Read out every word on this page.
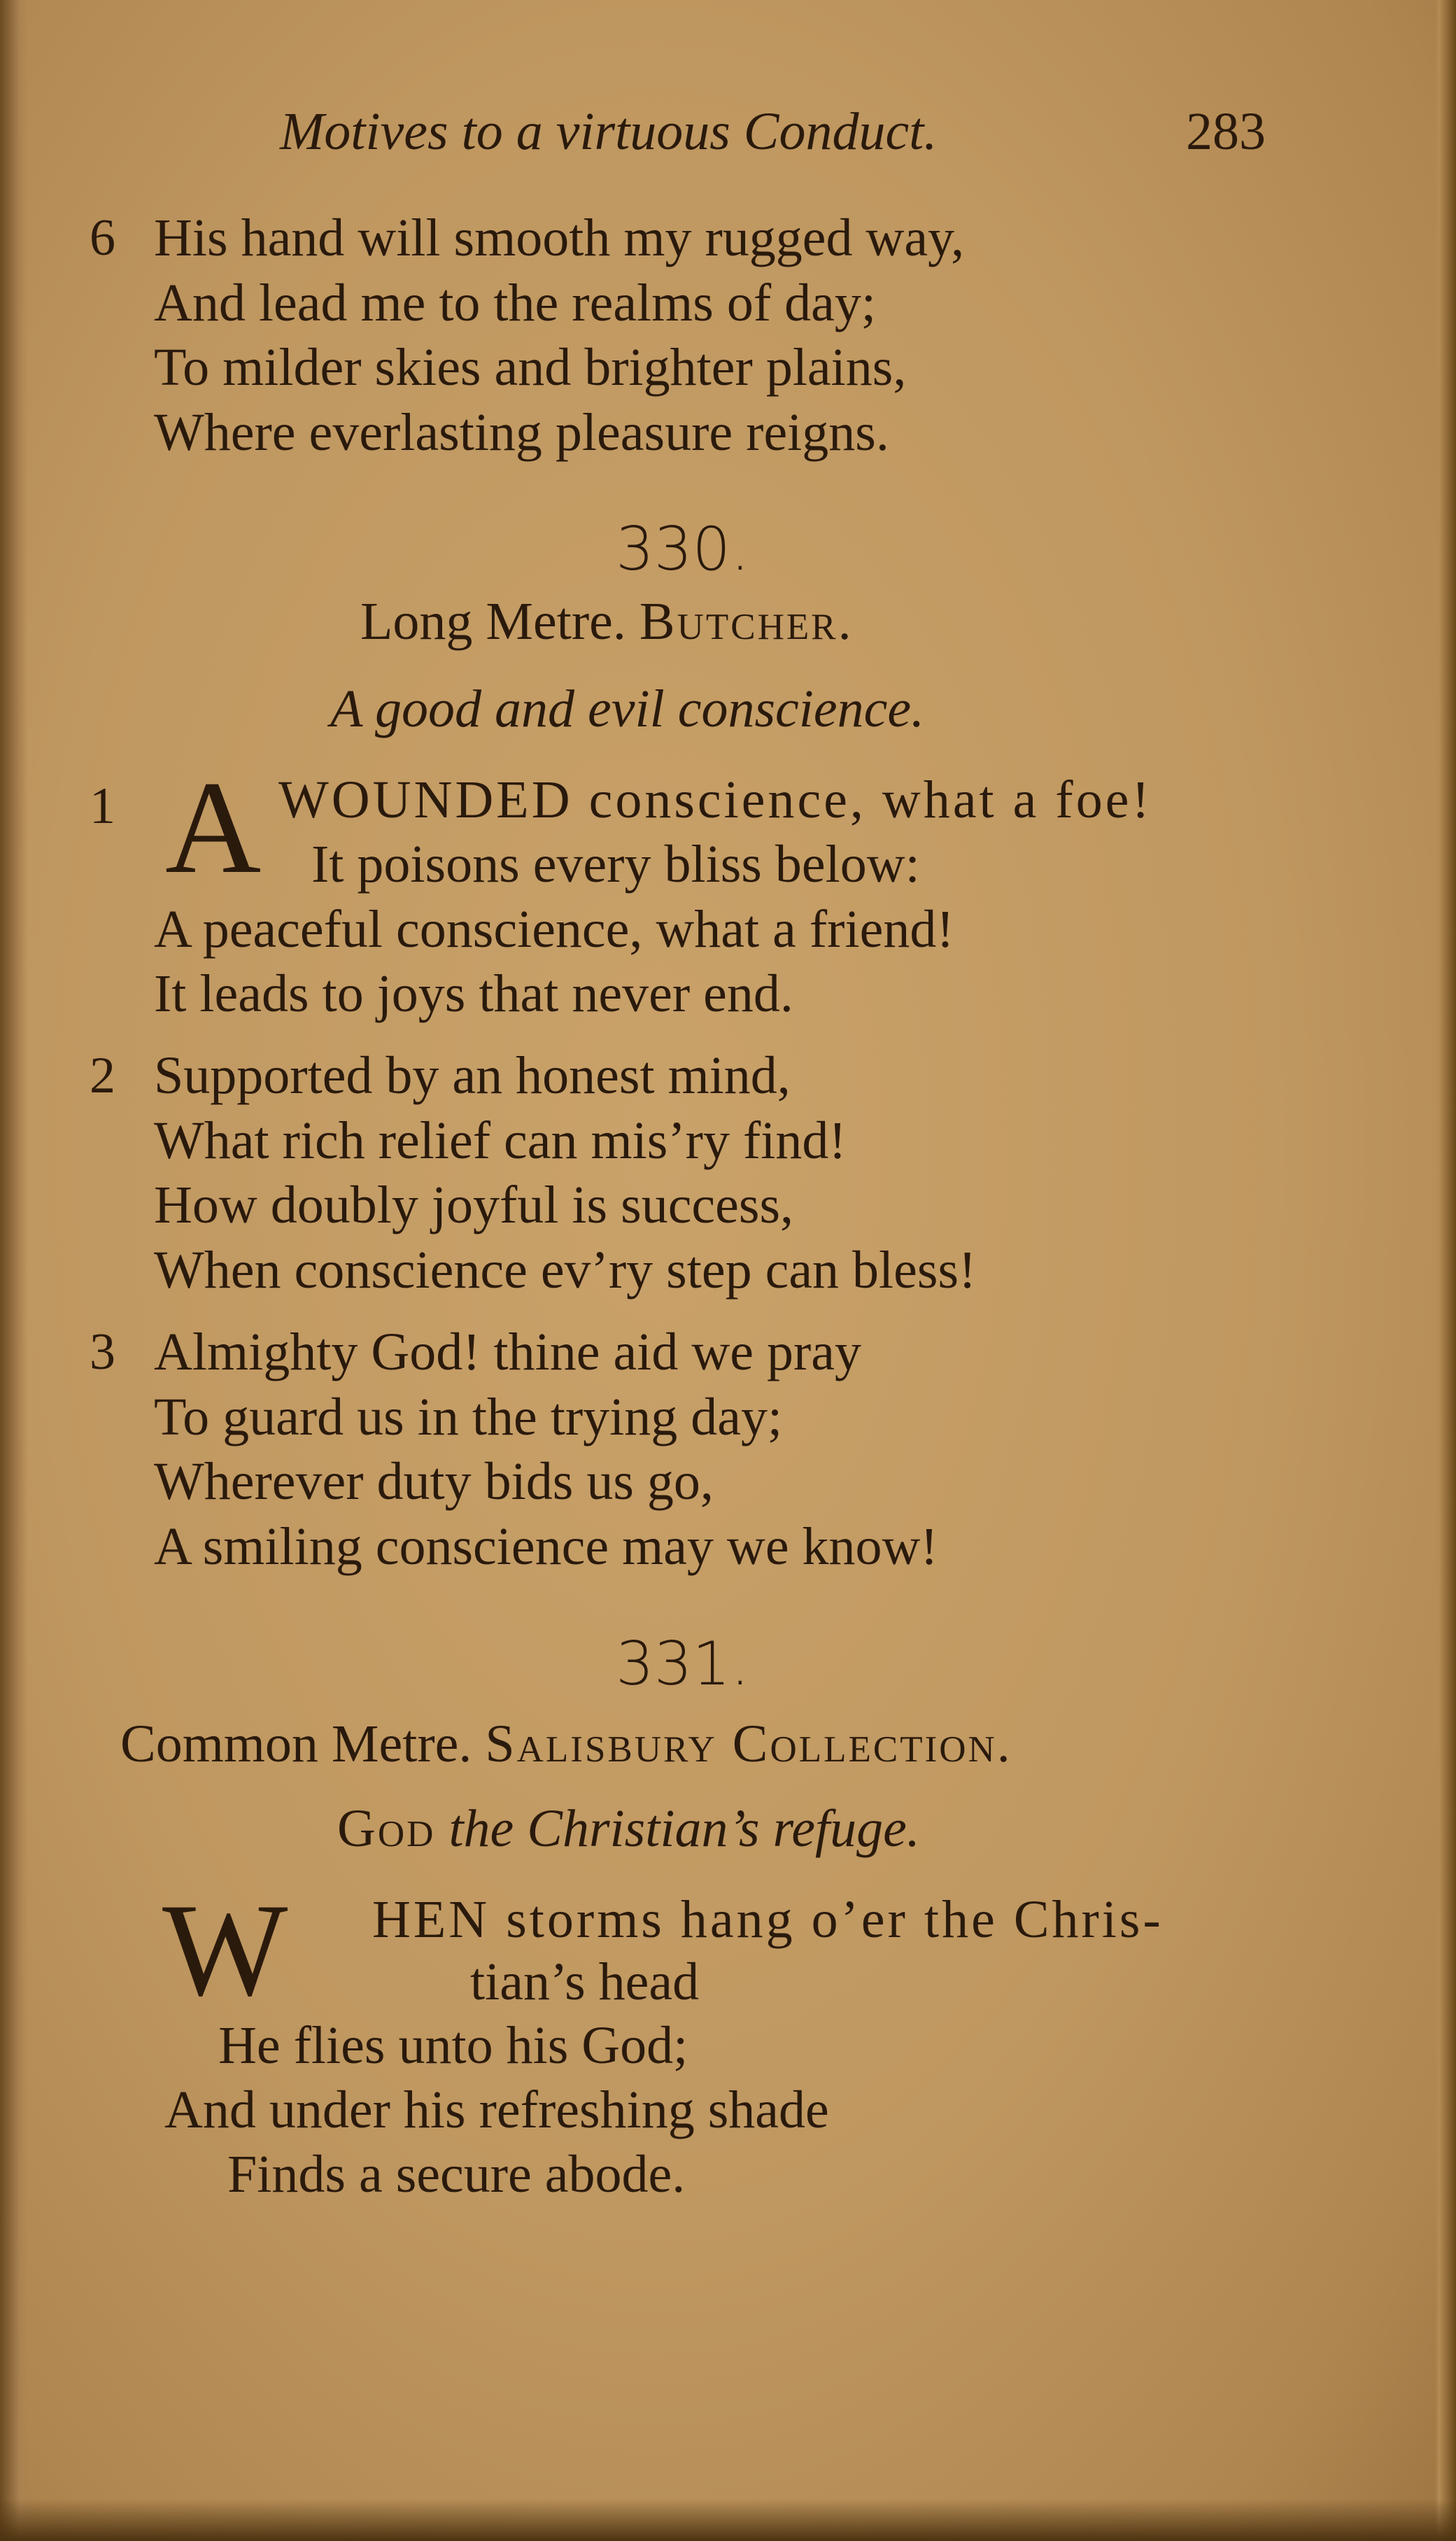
Motives to a virtuous Conduct.	283
6 His hand will smooth my rugged way,
And lead me to the realms of day;
To milder skies and brighter plains,
Where everlasting pleasure reigns.
330.
Long Metre. Butcher.
A good and evil conscience.
1 A WOUNDED conscience, what a foe!
It poisons every bliss below:
A peaceful conscience, what a friend!
It leads to joys that never end.
2 Supported by an honest mind,
What rich relief can mis’ry find!
How doubly joyful is success,
When conscience ev’ry step can bless!
3 Almighty God! thine aid we pray
To guard us in the trying day;
Wherever duty bids us go,
A smiling conscience may we know!
331.
Common Metre. Salisbury Collection.
God the Christian’s refuge.
W HEN storms hang o’er the Chris-
tian’s head
He flies unto his God;
And under his refreshing shade
Finds a secure abode.
